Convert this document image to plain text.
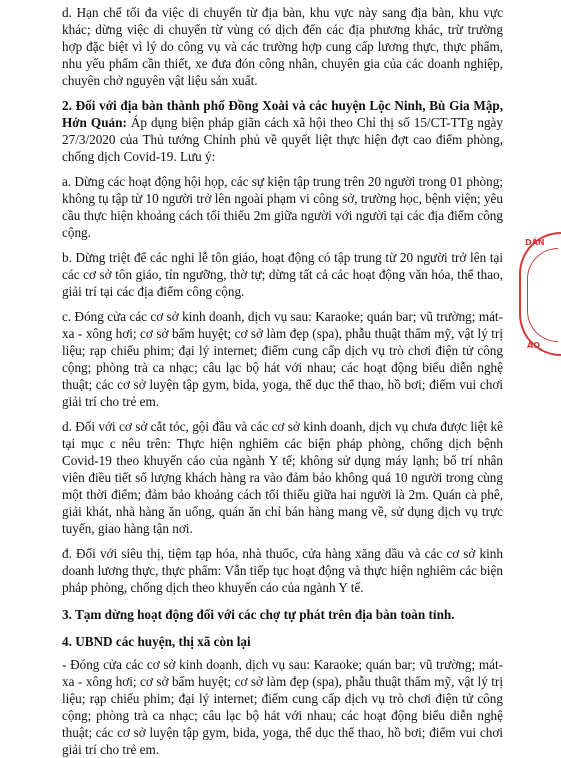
d. Hạn chế tối đa việc di chuyển từ địa bàn, khu vực này sang địa bàn, khu vực khác; dừng việc di chuyển từ vùng có dịch đến các địa phương khác, trừ trường hợp đặc biệt vì lý do công vụ và các trường hợp cung cấp lương thực, thực phẩm, nhu yếu phẩm cần thiết, xe đưa đón công nhân, chuyên gia của các doanh nghiệp, chuyên chở nguyên vật liệu sản xuất.

2. Đối với địa bàn thành phố Đồng Xoài và các huyện Lộc Ninh, Bù Gia Mập, Hớn Quản: Áp dụng biện pháp giãn cách xã hội theo Chỉ thị số 15/CT-TTg ngày 27/3/2020 của Thủ tướng Chính phủ về quyết liệt thực hiện đợt cao điểm phòng, chống dịch Covid-19. Lưu ý:

a. Dừng các hoạt động hội họp, các sự kiện tập trung trên 20 người trong 01 phòng; không tụ tập từ 10 người trở lên ngoài phạm vi công sở, trường học, bệnh viện; yêu cầu thực hiện khoảng cách tối thiểu 2m giữa người với người tại các địa điểm công cộng.

b. Dừng triệt để các nghi lễ tôn giáo, hoạt động có tập trung từ 20 người trở lên tại các cơ sở tôn giáo, tín ngưỡng, thờ tự; dừng tất cả các hoạt động văn hóa, thể thao, giải trí tại các địa điểm công cộng.

c. Đóng cửa các cơ sở kinh doanh, dịch vụ sau: Karaoke; quán bar; vũ trường; mát-xa - xông hơi; cơ sở bấm huyệt; cơ sở làm đẹp (spa), phẫu thuật thẩm mỹ, vật lý trị liệu; rạp chiếu phim; đại lý internet; điểm cung cấp dịch vụ trò chơi điện tử công cộng; phòng trà ca nhạc; câu lạc bộ hát với nhau; các hoạt động biểu diễn nghệ thuật; các cơ sở luyện tập gym, bida, yoga, thể dục thể thao, hồ bơi; điểm vui chơi giải trí cho trẻ em.

d. Đối với cơ sở cắt tóc, gội đầu và các cơ sở kinh doanh, dịch vụ chưa được liệt kê tại mục c nêu trên: Thực hiện nghiêm các biện pháp phòng, chống dịch bệnh Covid-19 theo khuyến cáo của ngành Y tế; không sử dụng máy lạnh; bố trí nhân viên điều tiết số lượng khách hàng ra vào đảm bảo không quá 10 người trong cùng một thời điểm; đảm bảo khoảng cách tối thiểu giữa hai người là 2m. Quán cà phê, giải khát, nhà hàng ăn uống, quán ăn chỉ bán hàng mang về, sử dụng dịch vụ trực tuyến, giao hàng tận nơi.

đ. Đối với siêu thị, tiệm tạp hóa, nhà thuốc, cửa hàng xăng dầu và các cơ sở kinh doanh lương thực, thực phẩm: Vẫn tiếp tục hoạt động và thực hiện nghiêm các biện pháp phòng, chống dịch theo khuyến cáo của ngành Y tế.

3. Tạm dừng hoạt động đối với các chợ tự phát trên địa bàn toàn tỉnh.

4. UBND các huyện, thị xã còn lại

- Đóng cửa các cơ sở kinh doanh, dịch vụ sau: Karaoke; quán bar; vũ trường; mát-xa - xông hơi; cơ sở bấm huyệt; cơ sở làm đẹp (spa), phẫu thuật thẩm mỹ, vật lý trị liệu; rạp chiếu phim; đại lý internet; điểm cung cấp dịch vụ trò chơi điện tử công cộng; phòng trà ca nhạc; câu lạc bộ hát với nhau; các hoạt động biểu diễn nghệ thuật; các cơ sở luyện tập gym, bida, yoga, thể dục thể thao, hồ bơi; điểm vui chơi giải trí cho trẻ em.

DÂN
AO
